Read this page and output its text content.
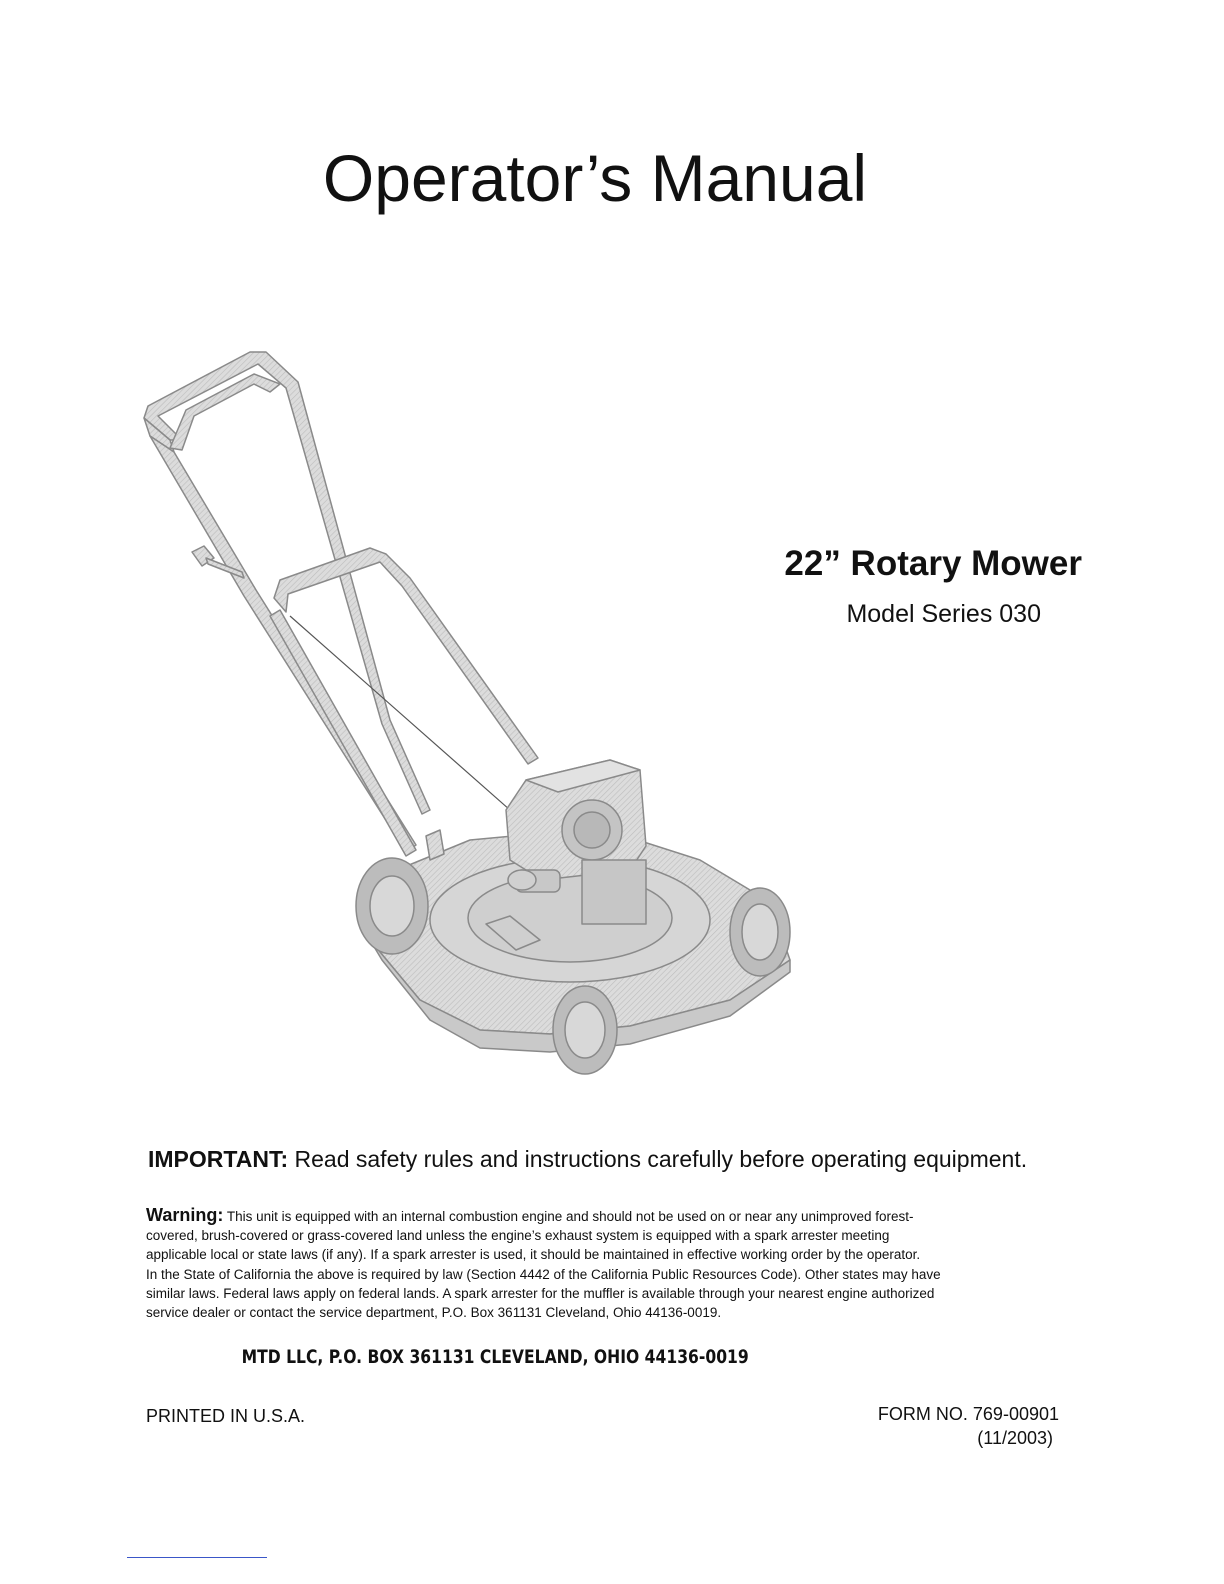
Operator’s Manual
22” Rotary Mower
Model Series 030
IMPORTANT: Read safety rules and instructions carefully before operating equipment.
Warning: This unit is equipped with an internal combustion engine and should not be used on or near any unimproved forest-
covered, brush-covered or grass-covered land unless the engine’s exhaust system is equipped with a spark arrester meeting
applicable local or state laws (if any). If a spark arrester is used, it should be maintained in effective working order by the operator.
In the State of California the above is required by law (Section 4442 of the California Public Resources Code). Other states may have
similar laws. Federal laws apply on federal lands. A spark arrester for the muffler is available through your nearest engine authorized
service dealer or contact the service department, P.O. Box 361131 Cleveland, Ohio 44136-0019.
MTD LLC, P.O. BOX 361131 CLEVELAND, OHIO 44136-0019
PRINTED IN U.S.A.	FORM NO. 769-00901
(11/2003)
